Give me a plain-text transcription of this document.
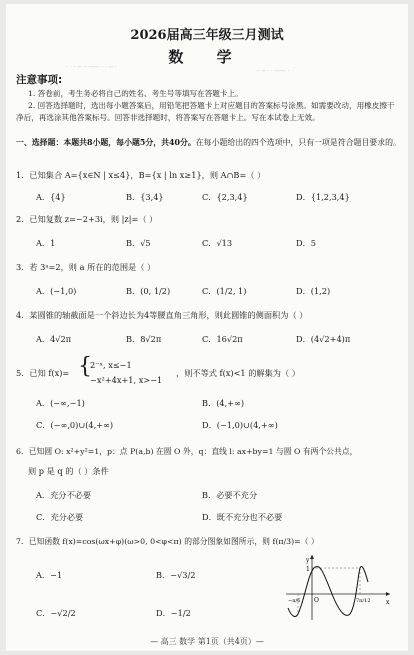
· · · ─ ·· ─── · · ─ ·
·· ─ · · ─── ·
2026届高三年级三月测试
数 学
注意事项:
1. 答卷前，考生务必将自己的姓名、考生号等填写在答题卡上。
2. 回答选择题时，选出每小题答案后，用铅笔把答题卡上对应题目的答案标号涂黑。如需要改动，用橡皮擦干净后，再选涂其他答案标号。回答非选择题时，将答案写在答题卡上。写在本试卷上无效。
一、选择题：本题共8小题，每小题5分，共40分。在每小题给出的四个选项中，只有一项是符合题目要求的。
1．已知集合 A={x∈N | x≤4}，B={x | ln x≥1}，则 A∩B=（ ）
A．{4}	B．{3,4}	C．{2,3,4}	D．{1,2,3,4}
2．已知复数 z=−2+3i，则 |z|=（ ）
A．1	B．√5	C．√13	D．5
3．若 3ᵃ=2，则 a 所在的范围是（ ）
A．(−1,0)	B．(0, 1/2)	C．(1/2, 1)	D．(1,2)
4．某圆锥的轴截面是一个斜边长为4等腰直角三角形，则此圆锥的侧面积为（ ）
A．4√2π	B．8√2π	C．16√2π	D．(4√2+4)π
5．已知 f(x)= {
2⁻ˣ, x≤−1
−x²+4x+1, x>−1
，则不等式 f(x)<1 的解集为（ ）
A．(−∞,−1)	B．(4,+∞)
C．(−∞,0)∪(4,+∞)	D．(−1,0)∪(4,+∞)
6．已知圆 O: x²+y²=1，p：点 P(a,b) 在圆 O 外，q：直线 l: ax+by=1 与圆 O 有两个公共点，
则 p 是 q 的（ ）条件
A．充分不必要	B．必要不充分
C．充分必要	D．既不充分也不必要
7．已知函数 f(x)=cos(ωx+φ)(ω>0, 0<φ<π) 的部分图象如图所示，则 f(π/3)=（ ）
A．−1	B．−√3/2
C．−√2/2	D．−1/2
y
x
1
O
−π/6	7π/12
— 高三 数学 第1页（共4页）—
